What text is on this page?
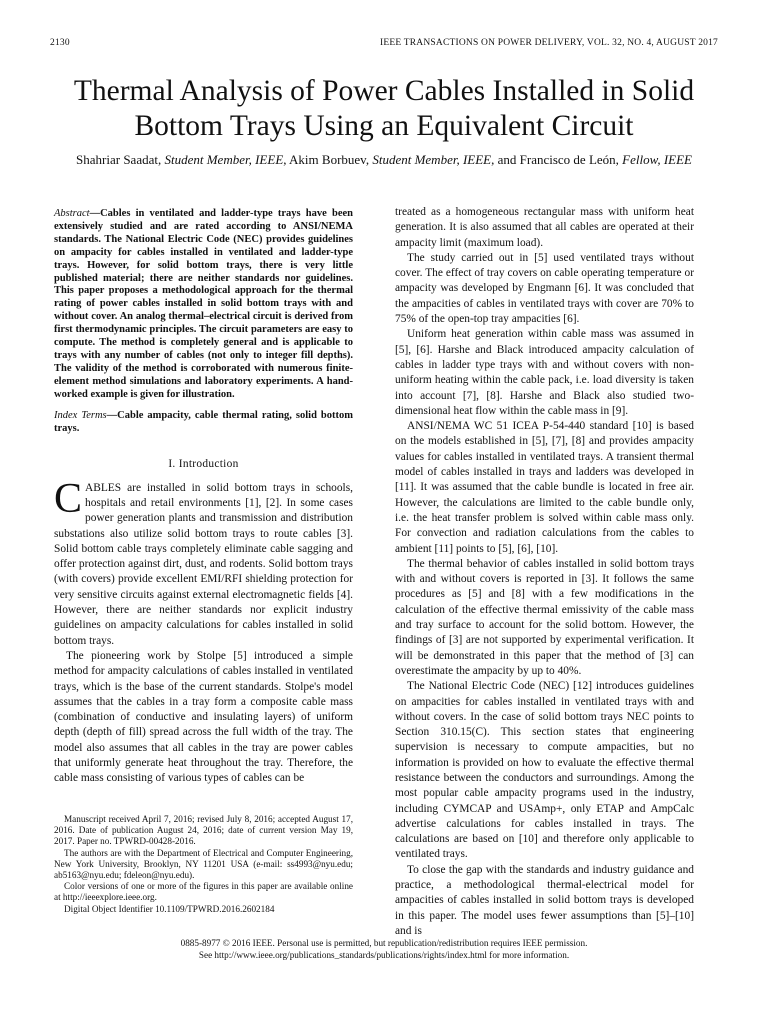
2130	IEEE TRANSACTIONS ON POWER DELIVERY, VOL. 32, NO. 4, AUGUST 2017
Thermal Analysis of Power Cables Installed in Solid
Bottom Trays Using an Equivalent Circuit
Shahriar Saadat, Student Member, IEEE, Akim Borbuev, Student Member, IEEE, and Francisco de León, Fellow, IEEE
Abstract—Cables in ventilated and ladder-type trays have been extensively studied and are rated according to ANSI/NEMA standards. The National Electric Code (NEC) provides guidelines on ampacity for cables installed in ventilated and ladder-type trays. However, for solid bottom trays, there is very little published material; there are neither standards nor guidelines. This paper proposes a methodological approach for the thermal rating of power cables installed in solid bottom trays with and without cover. An analog thermal–electrical circuit is derived from first thermodynamic principles. The circuit parameters are easy to compute. The method is completely general and is applicable to trays with any number of cables (not only to integer fill depths). The validity of the method is corroborated with numerous finite-element method simulations and laboratory experiments. A hand-worked example is given for illustration.
Index Terms—Cable ampacity, cable thermal rating, solid bottom trays.
I. Introduction

CABLES are installed in solid bottom trays in schools, hospitals and retail environments [1], [2]. In some cases power generation plants and transmission and distribution substations also utilize solid bottom trays to route cables [3]. Solid bottom cable trays completely eliminate cable sagging and offer protection against dirt, dust, and rodents. Solid bottom trays (with covers) provide excellent EMI/RFI shielding protection for very sensitive circuits against external electromagnetic fields [4]. However, there are neither standards nor explicit industry guidelines on ampacity calculations for cables installed in solid bottom trays.

The pioneering work by Stolpe [5] introduced a simple method for ampacity calculations of cables installed in ventilated trays, which is the base of the current standards. Stolpe's model assumes that the cables in a tray form a composite cable mass (combination of conductive and insulating layers) of uniform depth (depth of fill) spread across the full width of the tray. The model also assumes that all cables in the tray are power cables that uniformly generate heat throughout the tray. Therefore, the cable mass consisting of various types of cables can be

Manuscript received April 7, 2016; revised July 8, 2016; accepted August 17, 2016. Date of publication August 24, 2016; date of current version May 19, 2017. Paper no. TPWRD-00428-2016.

The authors are with the Department of Electrical and Computer Engineering, New York University, Brooklyn, NY 11201 USA (e-mail: ss4993@nyu.edu; ab5163@nyu.edu; fdeleon@nyu.edu).

Color versions of one or more of the figures in this paper are available online at http://ieeexplore.ieee.org.

Digital Object Identifier 10.1109/TPWRD.2016.2602184

treated as a homogeneous rectangular mass with uniform heat generation. It is also assumed that all cables are operated at their ampacity limit (maximum load).

The study carried out in [5] used ventilated trays without cover. The effect of tray covers on cable operating temperature or ampacity was developed by Engmann [6]. It was concluded that the ampacities of cables in ventilated trays with cover are 70% to 75% of the open-top tray ampacities [6].

Uniform heat generation within cable mass was assumed in [5], [6]. Harshe and Black introduced ampacity calculation of cables in ladder type trays with and without covers with non-uniform heating within the cable pack, i.e. load diversity is taken into account [7], [8]. Harshe and Black also studied two-dimensional heat flow within the cable mass in [9].

ANSI/NEMA WC 51 ICEA P-54-440 standard [10] is based on the models established in [5], [7], [8] and provides ampacity values for cables installed in ventilated trays. A transient thermal model of cables installed in trays and ladders was developed in [11]. It was assumed that the cable bundle is located in free air. However, the calculations are limited to the cable bundle only, i.e. the heat transfer problem is solved within cable mass only. For convection and radiation calculations from the cables to ambient [11] points to [5], [6], [10].

The thermal behavior of cables installed in solid bottom trays with and without covers is reported in [3]. It follows the same procedures as [5] and [8] with a few modifications in the calculation of the effective thermal emissivity of the cable mass and tray surface to account for the solid bottom. However, the findings of [3] are not supported by experimental verification. It will be demonstrated in this paper that the method of [3] can overestimate the ampacity by up to 40%.

The National Electric Code (NEC) [12] introduces guidelines on ampacities for cables installed in ventilated trays with and without covers. In the case of solid bottom trays NEC points to Section 310.15(C). This section states that engineering supervision is necessary to compute ampacities, but no information is provided on how to evaluate the effective thermal resistance between the conductors and surroundings. Among the most popular cable ampacity programs used in the industry, including CYMCAP and USAmp+, only ETAP and AmpCalc advertise calculations for cables installed in trays. The calculations are based on [10] and therefore only applicable to ventilated trays.

To close the gap with the standards and industry guidance and practice, a methodological thermal-electrical model for ampacities of cables installed in solid bottom trays is developed in this paper. The model uses fewer assumptions than [5]–[10] and is

0885-8977 © 2016 IEEE. Personal use is permitted, but republication/redistribution requires IEEE permission.
See http://www.ieee.org/publications_standards/publications/rights/index.html for more information.
